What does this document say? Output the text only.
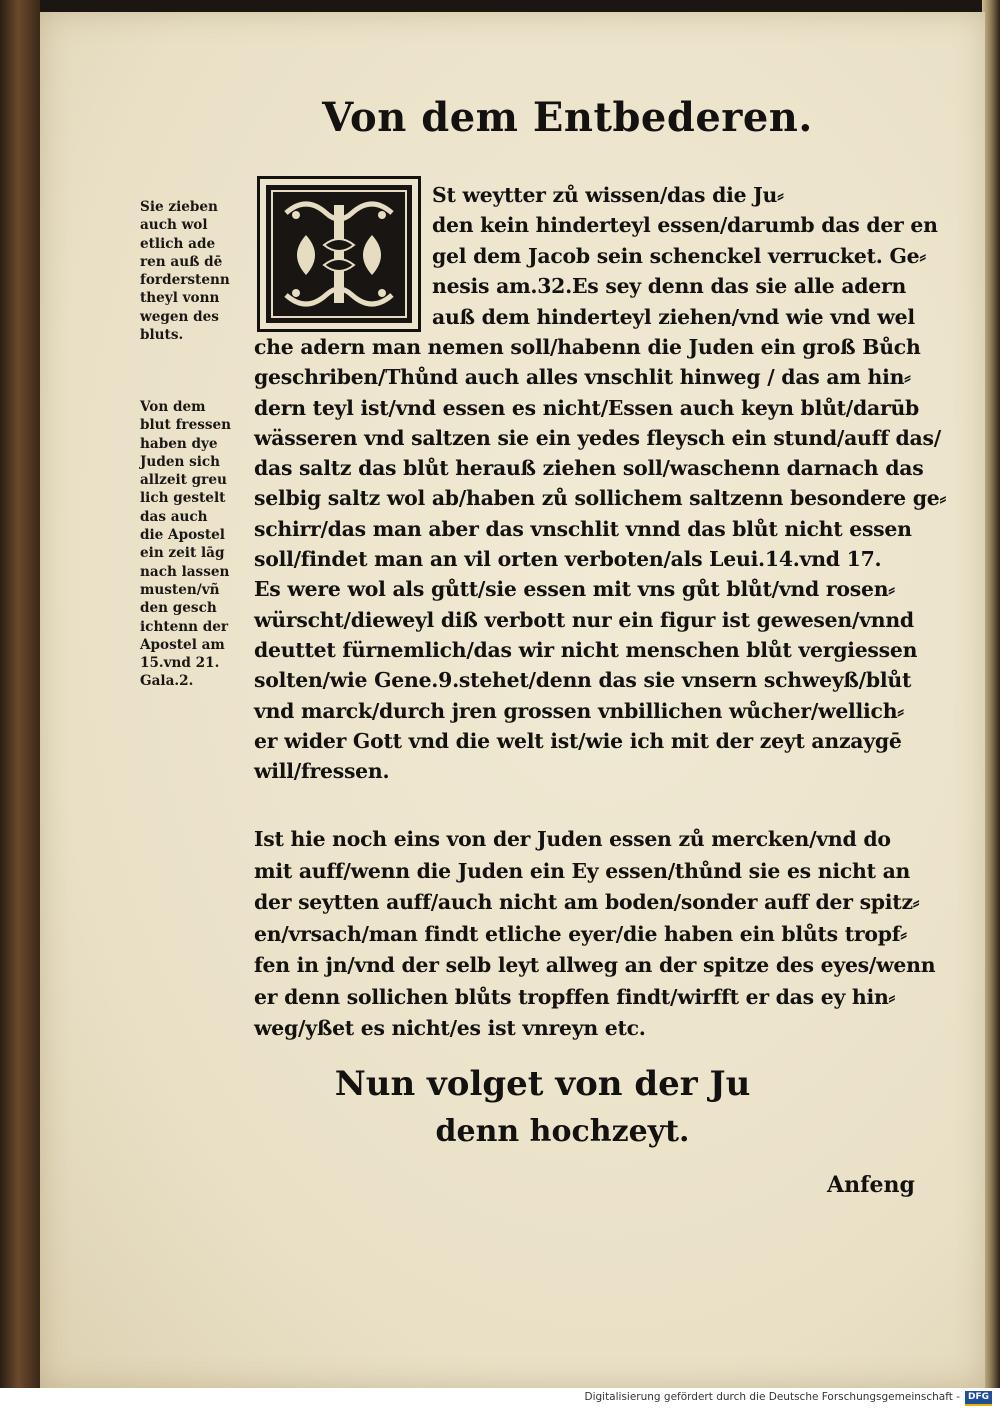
Von dem Entbederen.

Sie zieben

auch wol

etlich ade

ren auß dē

forderstenn

theyl vonn

wegen des

bluts.

Von dem

blut fressen

haben dye

Juden sich

allzeit greu

lich gestelt

das auch

die Apostel

ein zeit lāg

nach lassen

musten/vñ

den gesch

ichtenn der

Apostel am

15.vnd 21.

Gala.2.

St weytter zů wissen/das die Ju⸗

den kein hinderteyl essen/darumb das der en

gel dem Jacob sein schenckel verrucket. Ge⸗

nesis am.32.Es sey denn das sie alle adern

auß dem hinderteyl ziehen/vnd wie vnd wel

che adern man nemen soll/habenn die Juden ein groß Bůch

geschriben/Thůnd auch alles vnschlit hinweg / das am hin⸗

dern teyl ist/vnd essen es nicht/Essen auch keyn blůt/darūb

wässeren vnd saltzen sie ein yedes fleysch ein stund/auff das/

das saltz das blůt herauß ziehen soll/waschenn darnach das

selbig saltz wol ab/haben zů sollichem saltzenn besondere ge⸗

schirr/das man aber das vnschlit vnnd das blůt nicht essen

soll/findet man an vil orten verboten/als Leui.14.vnd 17.

Es were wol als gůtt/sie essen mit vns gůt blůt/vnd rosen⸗

würscht/dieweyl diß verbott nur ein figur ist gewesen/vnnd

deuttet fürnemlich/das wir nicht menschen blůt vergiessen

solten/wie Gene.9.stehet/denn das sie vnsern schweyß/blůt

vnd marck/durch jren grossen vnbillichen wůcher/wellich⸗

er wider Gott vnd die welt ist/wie ich mit der zeyt anzaygē

will/fressen.

Ist hie noch eins von der Juden essen zů mercken/vnd do

mit auff/wenn die Juden ein Ey essen/thůnd sie es nicht an

der seytten auff/auch nicht am boden/sonder auff der spitz⸗

en/vrsach/man findt etliche eyer/die haben ein blůts tropf⸗

fen in jn/vnd der selb leyt allweg an der spitze des eyes/wenn

er denn sollichen blůts tropffen findt/wirfft er das ey hin⸗

weg/yßet es nicht/es ist vnreyn etc.

Nun volget von der Ju
denn hochzeyt.
Anfeng
Digitalisierung gefördert durch die Deutsche Forschungsgemeinschaft - DFG
